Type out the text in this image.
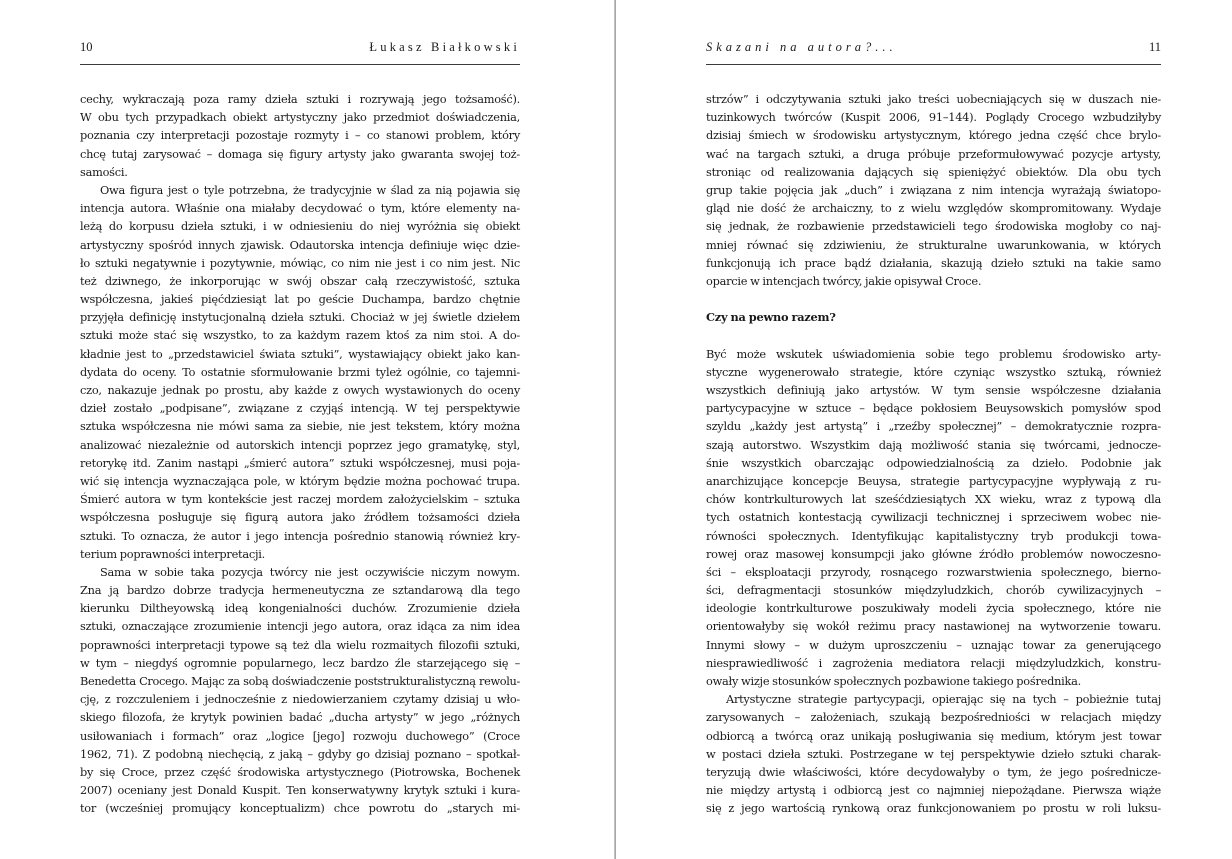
10	Łukasz Białkowski
cechy, wykraczają poza ramy dzieła sztuki i rozrywają jego tożsamość).
W obu tych przypadkach obiekt artystyczny jako przedmiot doświadczenia,
poznania czy interpretacji pozostaje rozmyty i – co stanowi problem, który
chcę tutaj zarysować – domaga się figury artysty jako gwaranta swojej toż-
samości.
Owa figura jest o tyle potrzebna, że tradycyjnie w ślad za nią pojawia się
intencja autora. Właśnie ona miałaby decydować o tym, które elementy na-
leżą do korpusu dzieła sztuki, i w odniesieniu do niej wyróżnia się obiekt
artystyczny spośród innych zjawisk. Odautorska intencja definiuje więc dzie-
ło sztuki negatywnie i pozytywnie, mówiąc, co nim nie jest i co nim jest. Nic
też dziwnego, że inkorporując w swój obszar całą rzeczywistość, sztuka
współczesna, jakieś pięćdziesiąt lat po geście Duchampa, bardzo chętnie
przyjęła definicję instytucjonalną dzieła sztuki. Chociaż w jej świetle dziełem
sztuki może stać się wszystko, to za każdym razem ktoś za nim stoi. A do-
kładnie jest to „przedstawiciel świata sztuki”, wystawiający obiekt jako kan-
dydata do oceny. To ostatnie sformułowanie brzmi tyleż ogólnie, co tajemni-
czo, nakazuje jednak po prostu, aby każde z owych wystawionych do oceny
dzieł zostało „podpisane”, związane z czyjąś intencją. W tej perspektywie
sztuka współczesna nie mówi sama za siebie, nie jest tekstem, który można
analizować niezależnie od autorskich intencji poprzez jego gramatykę, styl,
retorykę itd. Zanim nastąpi „śmierć autora” sztuki współczesnej, musi poja-
wić się intencja wyznaczająca pole, w którym będzie można pochować trupa.
Śmierć autora w tym kontekście jest raczej mordem założycielskim – sztuka
współczesna posługuje się figurą autora jako źródłem tożsamości dzieła
sztuki. To oznacza, że autor i jego intencja pośrednio stanowią również kry-
terium poprawności interpretacji.
Sama w sobie taka pozycja twórcy nie jest oczywiście niczym nowym.
Zna ją bardzo dobrze tradycja hermeneutyczna ze sztandarową dla tego
kierunku Diltheyowską ideą kongenialności duchów. Zrozumienie dzieła
sztuki, oznaczające zrozumienie intencji jego autora, oraz idąca za nim idea
poprawności interpretacji typowe są też dla wielu rozmaitych filozofii sztuki,
w tym – niegdyś ogromnie popularnego, lecz bardzo źle starzejącego się –
Benedetta Crocego. Mając za sobą doświadczenie poststrukturalistyczną rewolu-
cję, z rozczuleniem i jednocześnie z niedowierzaniem czytamy dzisiaj u wło-
skiego filozofa, że krytyk powinien badać „ducha artysty” w jego „różnych
usiłowaniach i formach” oraz „logice [jego] rozwoju duchowego” (Croce
1962, 71). Z podobną niechęcią, z jaką – gdyby go dzisiaj poznano – spotkał-
by się Croce, przez część środowiska artystycznego (Piotrowska, Bochenek
2007) oceniany jest Donald Kuspit. Ten konserwatywny krytyk sztuki i kura-
tor (wcześniej promujący konceptualizm) chce powrotu do „starych mi-
Skazani na autora?...	11
strzów” i odczytywania sztuki jako treści uobecniających się w duszach nie-
tuzinkowych twórców (Kuspit 2006, 91–144). Poglądy Crocego wzbudziłyby
dzisiaj śmiech w środowisku artystycznym, którego jedna część chce brylo-
wać na targach sztuki, a druga próbuje przeformułowywać pozycje artysty,
stroniąc od realizowania dających się spieniężyć obiektów. Dla obu tych
grup takie pojęcia jak „duch” i związana z nim intencja wyrażają światopo-
gląd nie dość że archaiczny, to z wielu względów skompromitowany. Wydaje
się jednak, że rozbawienie przedstawicieli tego środowiska mogłoby co naj-
mniej równać się zdziwieniu, że strukturalne uwarunkowania, w których
funkcjonują ich prace bądź działania, skazują dzieło sztuki na takie samo
oparcie w intencjach twórcy, jakie opisywał Croce.
Czy na pewno razem?
Być może wskutek uświadomienia sobie tego problemu środowisko arty-
styczne wygenerowało strategie, które czyniąc wszystko sztuką, również
wszystkich definiują jako artystów. W tym sensie współczesne działania
partycypacyjne w sztuce – będące pokłosiem Beuysowskich pomysłów spod
szyldu „każdy jest artystą” i „rzeźby społecznej” – demokratycznie rozpra-
szają autorstwo. Wszystkim dają możliwość stania się twórcami, jednocze-
śnie wszystkich obarczając odpowiedzialnością za dzieło. Podobnie jak
anarchizujące koncepcje Beuysa, strategie partycypacyjne wypływają z ru-
chów kontrkulturowych lat sześćdziesiątych XX wieku, wraz z typową dla
tych ostatnich kontestacją cywilizacji technicznej i sprzeciwem wobec nie-
równości społecznych. Identyfikując kapitalistyczny tryb produkcji towa-
rowej oraz masowej konsumpcji jako główne źródło problemów nowoczesno-
ści – eksploatacji przyrody, rosnącego rozwarstwienia społecznego, bierno-
ści, defragmentacji stosunków międzyludzkich, chorób cywilizacyjnych –
ideologie kontrkulturowe poszukiwały modeli życia społecznego, które nie
orientowałyby się wokół reżimu pracy nastawionej na wytworzenie towaru.
Innymi słowy – w dużym uproszczeniu – uznając towar za generującego
niesprawiedliwość i zagrożenia mediatora relacji międzyludzkich, konstru-
owały wizje stosunków społecznych pozbawione takiego pośrednika.
Artystyczne strategie partycypacji, opierając się na tych – pobieżnie tutaj
zarysowanych – założeniach, szukają bezpośredniości w relacjach między
odbiorcą a twórcą oraz unikają posługiwania się medium, którym jest towar
w postaci dzieła sztuki. Postrzegane w tej perspektywie dzieło sztuki charak-
teryzują dwie właściwości, które decydowałyby o tym, że jego pośrednicze-
nie między artystą i odbiorcą jest co najmniej niepożądane. Pierwsza wiąże
się z jego wartością rynkową oraz funkcjonowaniem po prostu w roli luksu-
